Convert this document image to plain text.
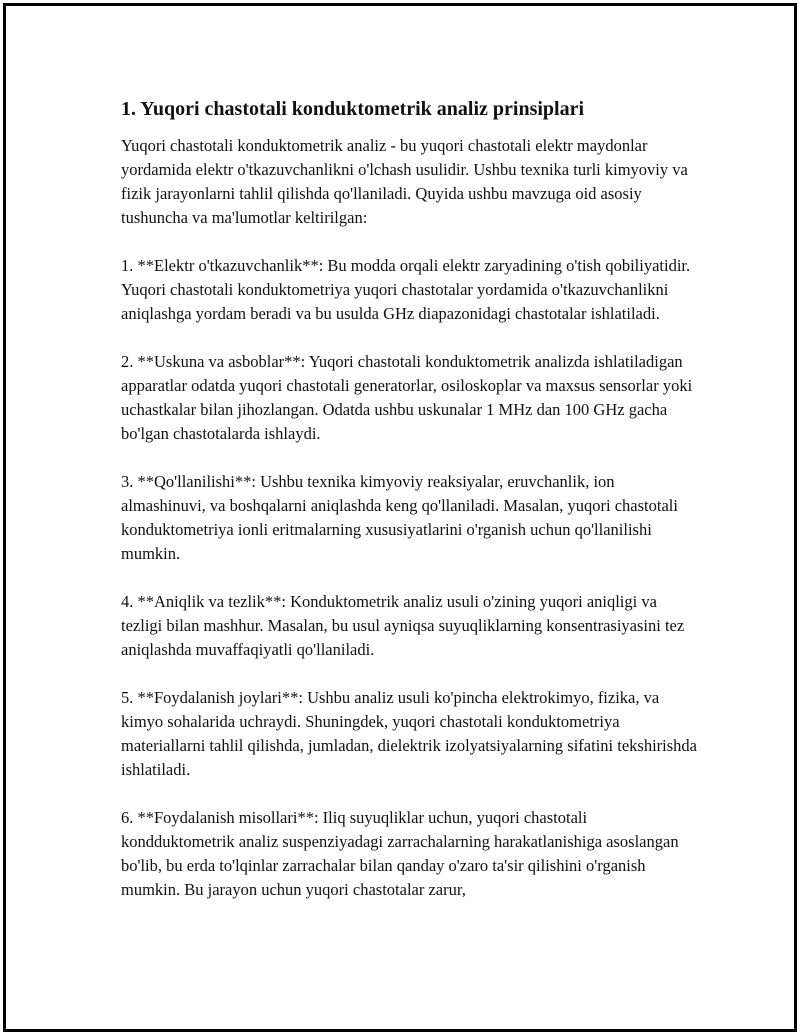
1. Yuqori chastotali konduktometrik analiz prinsiplari

Yuqori chastotali konduktometrik analiz - bu yuqori chastotali elektr maydonlar yordamida elektr o'tkazuvchanlikni o'lchash usulidir. Ushbu texnika turli kimyoviy va fizik jarayonlarni tahlil qilishda qo'llaniladi. Quyida ushbu mavzuga oid asosiy tushuncha va ma'lumotlar keltirilgan:

1. **Elektr o'tkazuvchanlik**: Bu modda orqali elektr zaryadining o'tish qobiliyatidir. Yuqori chastotali konduktometriya yuqori chastotalar yordamida o'tkazuvchanlikni aniqlashga yordam beradi va bu usulda GHz diapazonidagi chastotalar ishlatiladi.

2. **Uskuna va asboblar**: Yuqori chastotali konduktometrik analizda ishlatiladigan apparatlar odatda yuqori chastotali generatorlar, osiloskoplar va maxsus sensorlar yoki uchastkalar bilan jihozlangan. Odatda ushbu uskunalar 1 MHz dan 100 GHz gacha bo'lgan chastotalarda ishlaydi.

3. **Qo'llanilishi**: Ushbu texnika kimyoviy reaksiyalar, eruvchanlik, ion almashinuvi, va boshqalarni aniqlashda keng qo'llaniladi. Masalan, yuqori chastotali konduktometriya ionli eritmalarning xususiyatlarini o'rganish uchun qo'llanilishi mumkin.

4. **Aniqlik va tezlik**: Konduktometrik analiz usuli o'zining yuqori aniqligi va tezligi bilan mashhur. Masalan, bu usul ayniqsa suyuqliklarning konsentrasiyasini tez aniqlashda muvaffaqiyatli qo'llaniladi.

5. **Foydalanish joylari**: Ushbu analiz usuli ko'pincha elektrokimyo, fizika, va kimyo sohalarida uchraydi. Shuningdek, yuqori chastotali konduktometriya materiallarni tahlil qilishda, jumladan, dielektrik izolyatsiyalarning sifatini tekshirishda ishlatiladi.

6. **Foydalanish misollari**: Iliq suyuqliklar uchun, yuqori chastotali kondduktometrik analiz suspenziyadagi zarrachalarning harakatlanishiga asoslangan bo'lib, bu erda to'lqinlar zarrachalar bilan qanday o'zaro ta'sir qilishini o'rganish mumkin. Bu jarayon uchun yuqori chastotalar zarur,
